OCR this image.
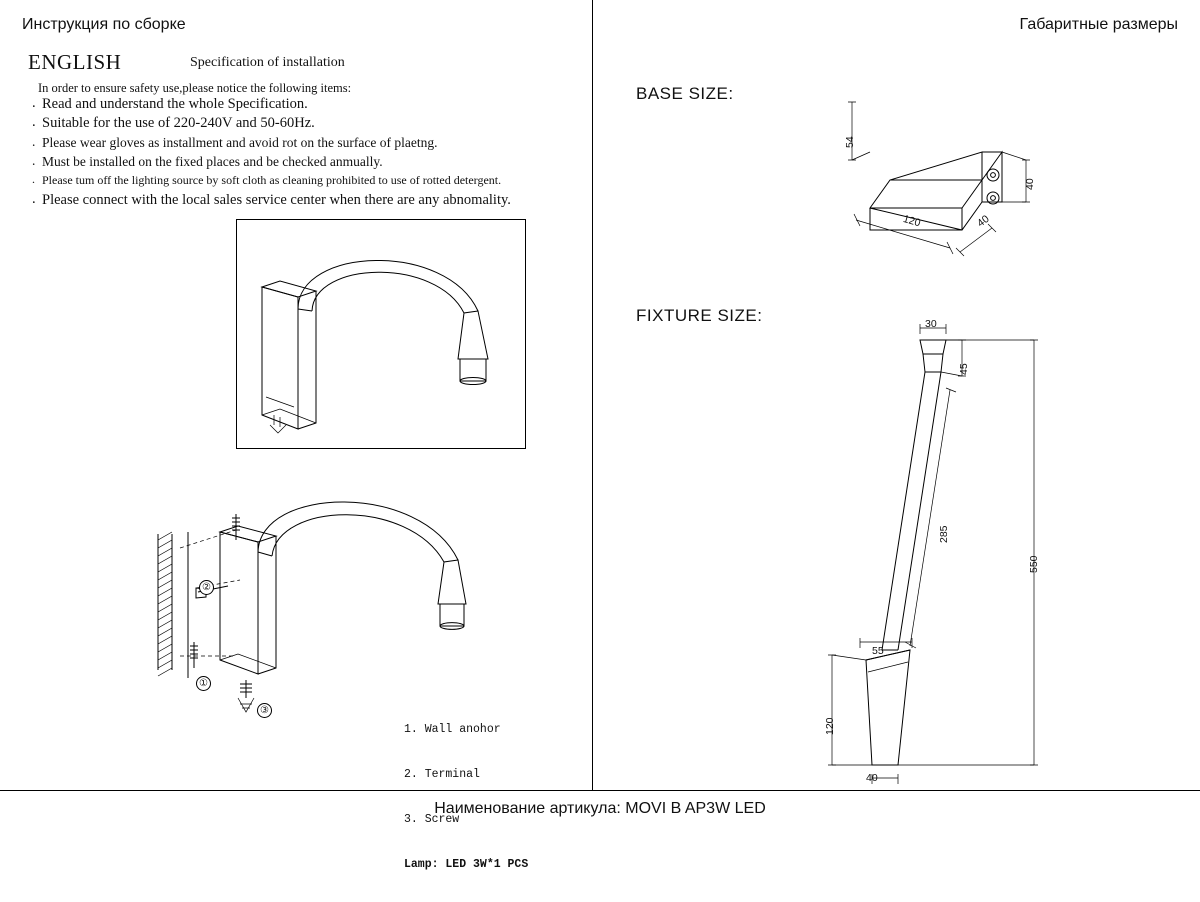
Инструкция по сборке	Габаритные размеры
ENGLISH	Specification of installation
In order to ensure safety use,please notice the following items:
. Read and understand the whole Specification.
. Suitable for the use of 220-240V and 50-60Hz.
. Please wear gloves as installment and avoid rot on the surface of plaetng.
. Must be installed on the fixed places and be checked anmually.
. Please tum off the lighting source by soft cloth as cleaning prohibited to use of rotted detergent.
. Please connect with the local sales service center when there are any abnomality.
①
②
③

1. Wall anohor

2. Terminal

3. Screw

Lamp: LED 3W*1 PCS

BASE SIZE:
54
40
120	40
FIXTURE SIZE:	30
45
285
550
55
120
40
Наименование артикула: MOVI B AP3W LED
